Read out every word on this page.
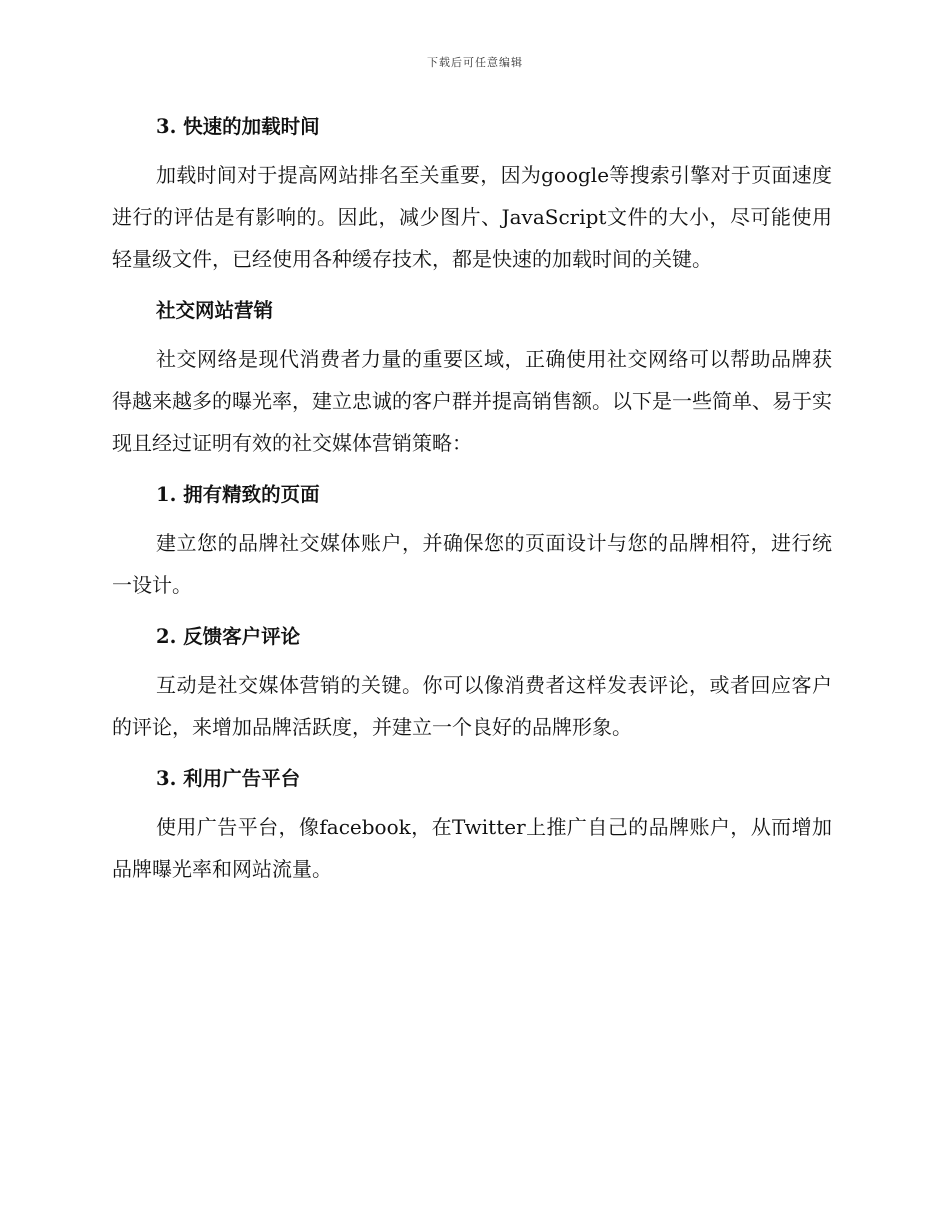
下载后可任意编辑
3. 快速的加载时间

加载时间对于提高网站排名至关重要，因为google等搜索引擎对于页面速度进行的评估是有影响的。因此，减少图片、JavaScript文件的大小，尽可能使用轻量级文件，已经使用各种缓存技术，都是快速的加载时间的关键。

社交网站营销

社交网络是现代消费者力量的重要区域，正确使用社交网络可以帮助品牌获得越来越多的曝光率，建立忠诚的客户群并提高销售额。以下是一些简单、易于实现且经过证明有效的社交媒体营销策略：

1. 拥有精致的页面

建立您的品牌社交媒体账户，并确保您的页面设计与您的品牌相符，进行统一设计。

2. 反馈客户评论

互动是社交媒体营销的关键。你可以像消费者这样发表评论，或者回应客户的评论，来增加品牌活跃度，并建立一个良好的品牌形象。

3. 利用广告平台

使用广告平台，像facebook，在Twitter上推广自己的品牌账户，从而增加品牌曝光率和网站流量。
